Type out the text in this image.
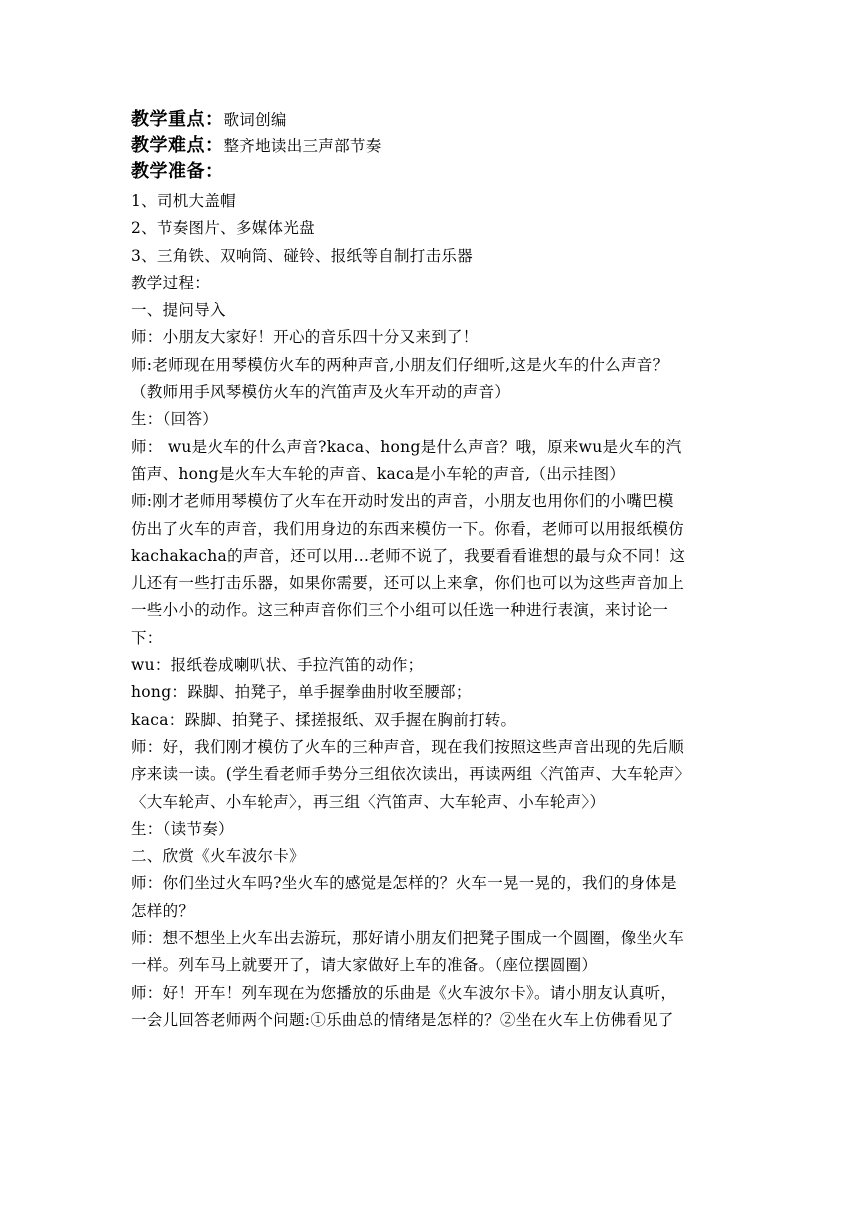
教学重点：歌词创编
教学难点：整齐地读出三声部节奏
教学准备：
1、司机大盖帽
2、节奏图片、多媒体光盘
3、三角铁、双响筒、碰铃、报纸等自制打击乐器
教学过程：
一、提问导入
师：小朋友大家好！开心的音乐四十分又来到了！
师:老师现在用琴模仿火车的两种声音,小朋友们仔细听,这是火车的什么声音？
（教师用手风琴模仿火车的汽笛声及火车开动的声音）
生：（回答）
师： wu是火车的什么声音?kaca、hong是什么声音？哦，原来wu是火车的汽
笛声、hong是火车大车轮的声音、kaca是小车轮的声音,（出示挂图）
师:刚才老师用琴模仿了火车在开动时发出的声音，小朋友也用你们的小嘴巴模
仿出了火车的声音，我们用身边的东西来模仿一下。你看，老师可以用报纸模仿
kachakacha的声音，还可以用…老师不说了，我要看看谁想的最与众不同！这
儿还有一些打击乐器，如果你需要，还可以上来拿，你们也可以为这些声音加上
一些小小的动作。这三种声音你们三个小组可以任选一种进行表演，来讨论一
下：
wu：报纸卷成喇叭状、手拉汽笛的动作；
hong：跺脚、拍凳子，单手握拳曲肘收至腰部；
kaca：跺脚、拍凳子、揉搓报纸、双手握在胸前打转。
师：好，我们刚才模仿了火车的三种声音，现在我们按照这些声音出现的先后顺
序来读一读。(学生看老师手势分三组依次读出，再读两组〈汽笛声、大车轮声〉
〈大车轮声、小车轮声〉，再三组〈汽笛声、大车轮声、小车轮声〉）
生：（读节奏）
二、欣赏《火车波尔卡》
师：你们坐过火车吗?坐火车的感觉是怎样的？火车一晃一晃的，我们的身体是
怎样的？
师：想不想坐上火车出去游玩，那好请小朋友们把凳子围成一个圆圈，像坐火车
一样。列车马上就要开了，请大家做好上车的准备。（座位摆圆圈）
师：好！开车！列车现在为您播放的乐曲是《火车波尔卡》。请小朋友认真听，
一会儿回答老师两个问题:①乐曲总的情绪是怎样的？②坐在火车上仿佛看见了
